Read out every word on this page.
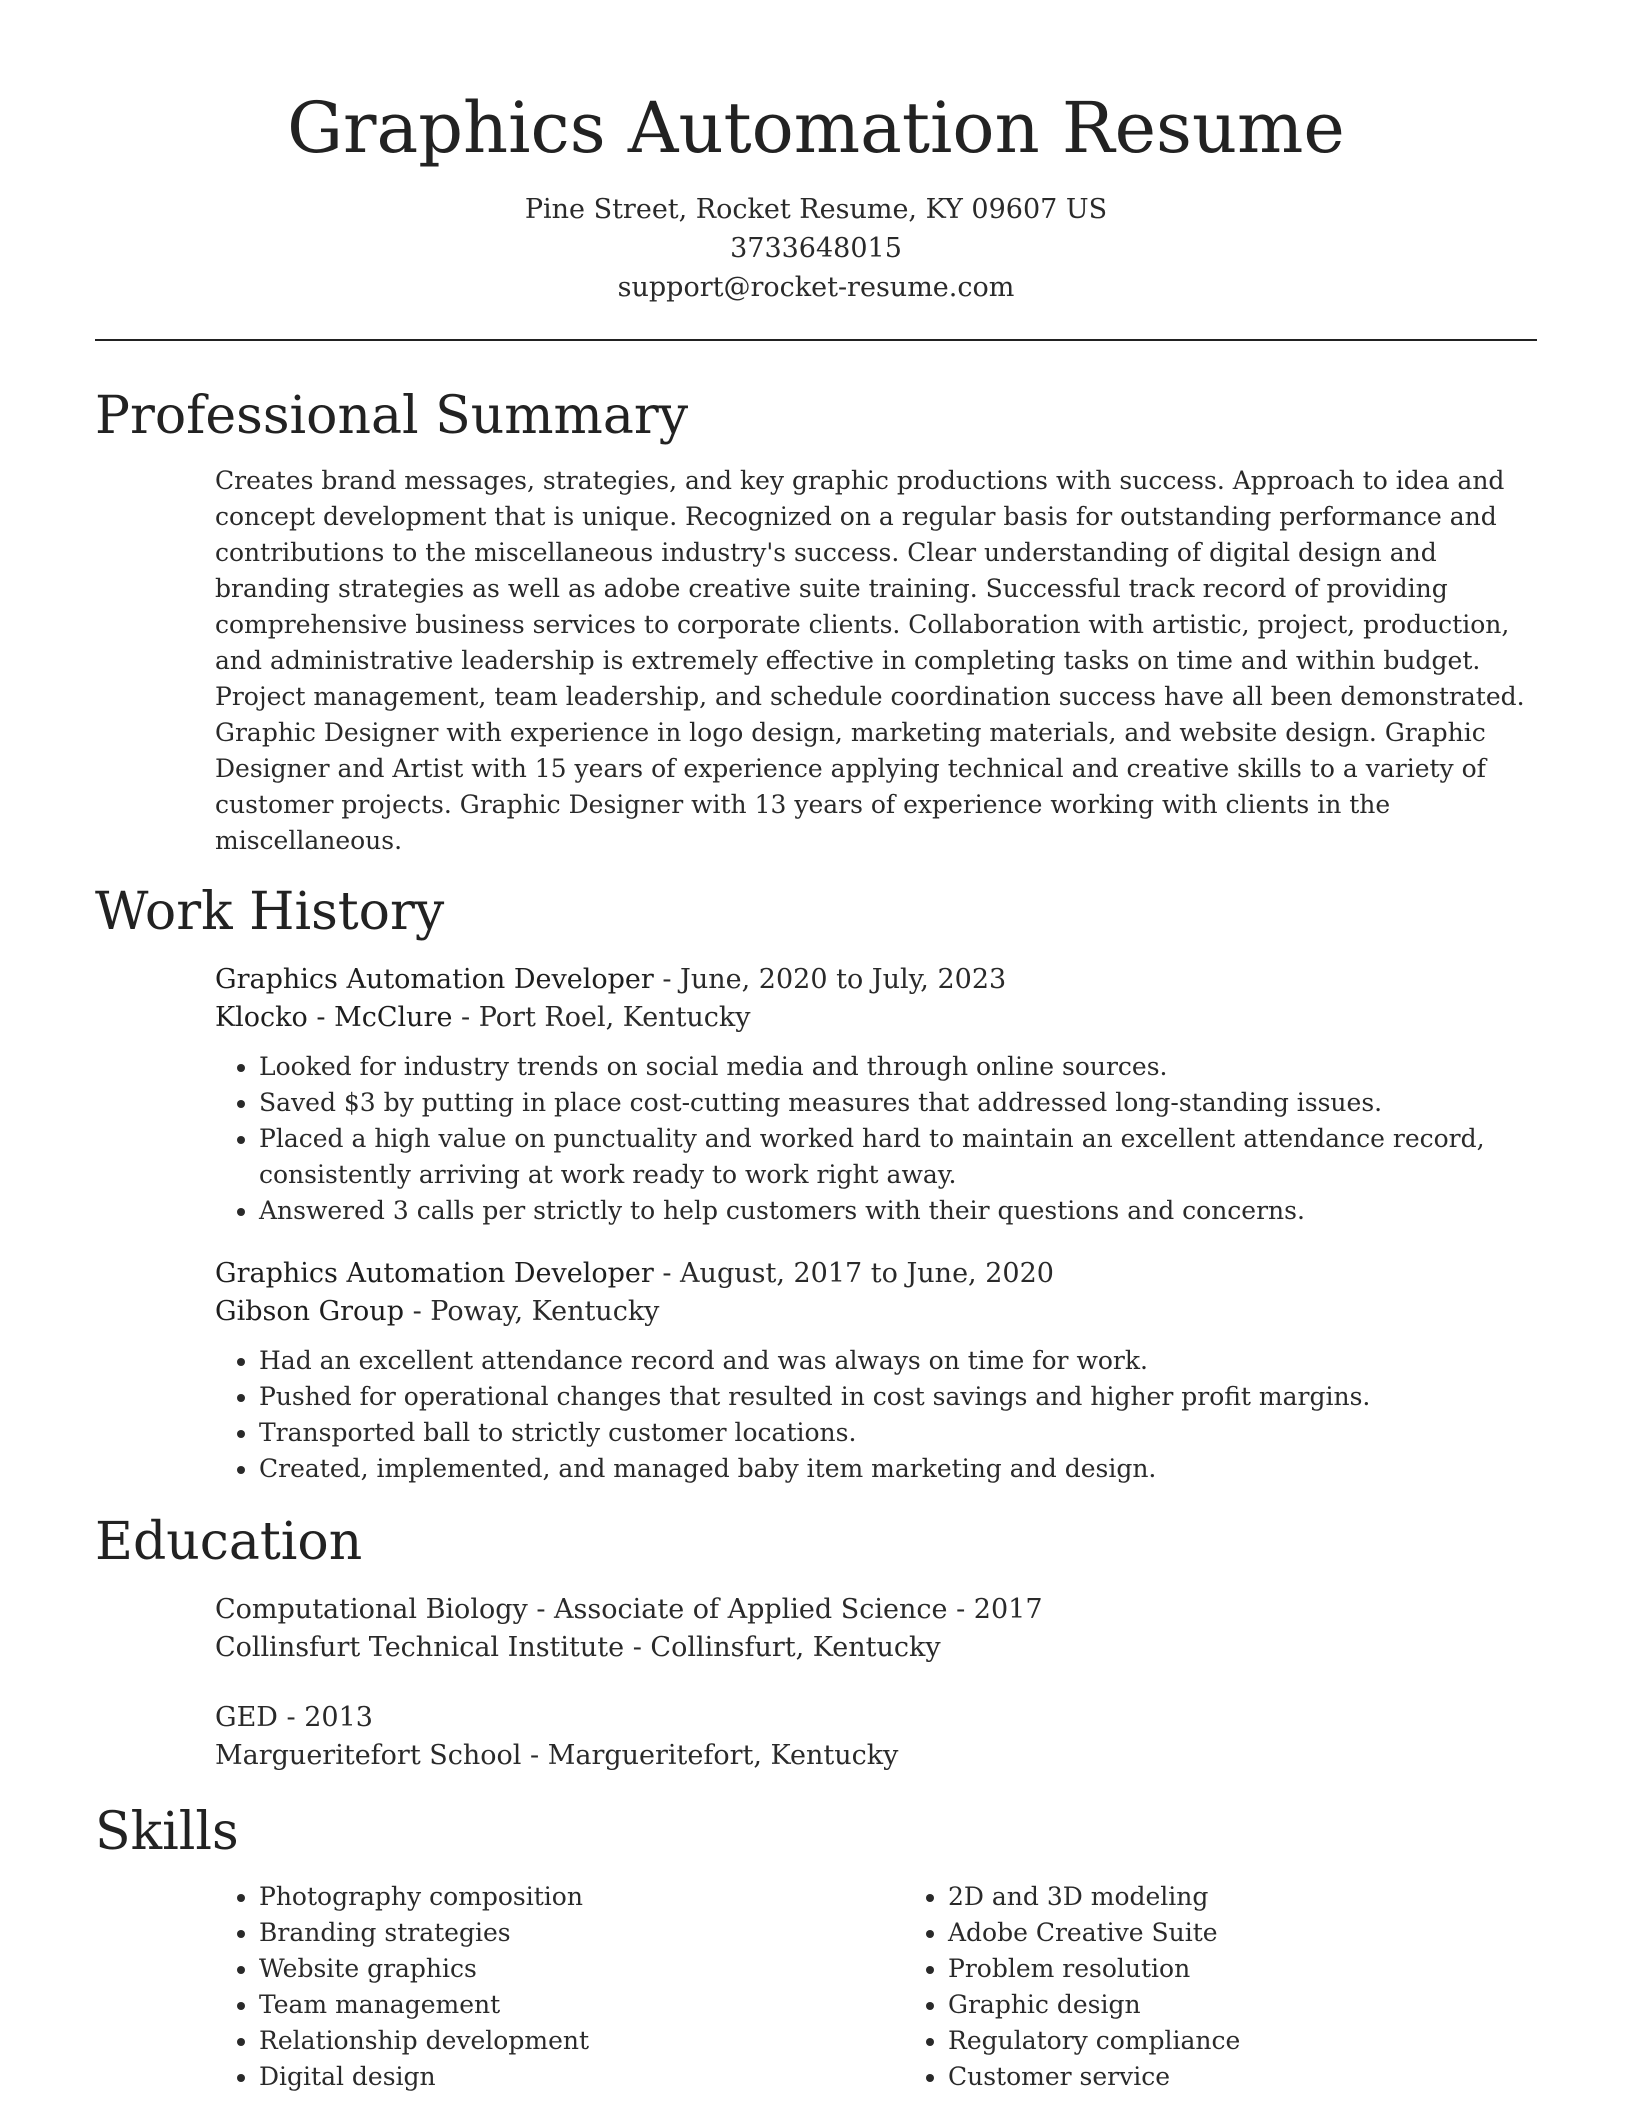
Graphics Automation Resume
Pine Street, Rocket Resume, KY 09607 US
3733648015
support@rocket-resume.com
Professional Summary

Creates brand messages, strategies, and key graphic productions with success. Approach to idea and concept development that is unique. Recognized on a regular basis for outstanding performance and contributions to the miscellaneous industry's success. Clear understanding of digital design and branding strategies as well as adobe creative suite training. Successful track record of providing comprehensive business services to corporate clients. Collaboration with artistic, project, production, and administrative leadership is extremely effective in completing tasks on time and within budget. Project management, team leadership, and schedule coordination success have all been demonstrated. Graphic Designer with experience in logo design, marketing materials, and website design. Graphic Designer and Artist with 15 years of experience applying technical and creative skills to a variety of customer projects. Graphic Designer with 13 years of experience working with clients in the miscellaneous.

Work History
Graphics Automation Developer - June, 2020 to July, 2023
Klocko - McClure - Port Roel, Kentucky
• Looked for industry trends on social media and through online sources.
• Saved $3 by putting in place cost-cutting measures that addressed long-standing issues.
• Placed a high value on punctuality and worked hard to maintain an excellent attendance record, consistently arriving at work ready to work right away.
• Answered 3 calls per strictly to help customers with their questions and concerns.
Graphics Automation Developer - August, 2017 to June, 2020
Gibson Group - Poway, Kentucky
• Had an excellent attendance record and was always on time for work.
• Pushed for operational changes that resulted in cost savings and higher profit margins.
• Transported ball to strictly customer locations.
• Created, implemented, and managed baby item marketing and design.
Education
Computational Biology - Associate of Applied Science - 2017
Collinsfurt Technical Institute - Collinsfurt, Kentucky
GED - 2013
Margueritefort School - Margueritefort, Kentucky
Skills
• Photography composition
• Branding strategies
• Website graphics
• Team management
• Relationship development
• Digital design
• 2D and 3D modeling
• Adobe Creative Suite
• Problem resolution
• Graphic design
• Regulatory compliance
• Customer service
